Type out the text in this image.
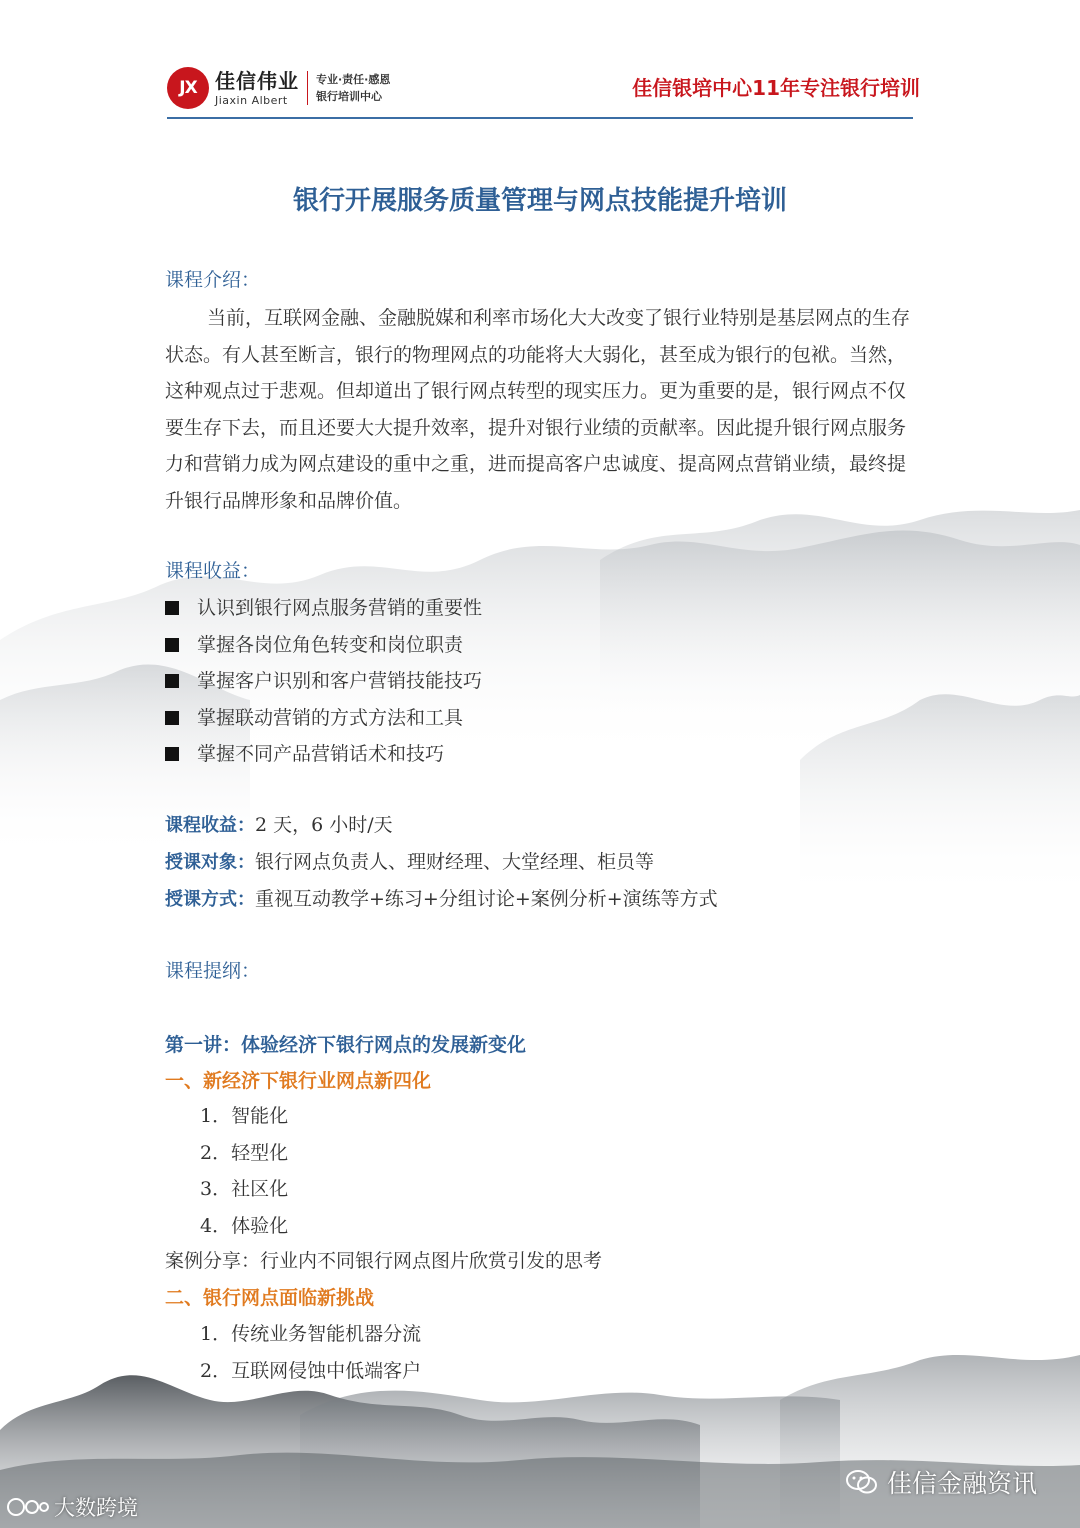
JX 佳信伟业
Jiaxin Albert
专业·责任·感恩
银行培训中心	佳信银培中心11年专注银行培训
银行开展服务质量管理与网点技能提升培训
课程介绍：

当前，互联网金融、金融脱媒和利率市场化大大改变了银行业特别是基层网点的生存状态。有人甚至断言，银行的物理网点的功能将大大弱化，甚至成为银行的包袱。当然，这种观点过于悲观。但却道出了银行网点转型的现实压力。更为重要的是，银行网点不仅要生存下去，而且还要大大提升效率，提升对银行业绩的贡献率。因此提升银行网点服务力和营销力成为网点建设的重中之重，进而提高客户忠诚度、提高网点营销业绩，最终提升银行品牌形象和品牌价值。

课程收益：
认识到银行网点服务营销的重要性
掌握各岗位角色转变和岗位职责
掌握客户识别和客户营销技能技巧
掌握联动营销的方式方法和工具
掌握不同产品营销话术和技巧
课程收益：2 天，6 小时/天
授课对象：银行网点负责人、理财经理、大堂经理、柜员等
授课方式：重视互动教学+练习+分组讨论+案例分析+演练等方式
课程提纲：
第一讲：体验经济下银行网点的发展新变化
一、新经济下银行业网点新四化
1．智能化
2．轻型化
3．社区化
4．体验化
案例分享：行业内不同银行网点图片欣赏引发的思考
二、银行网点面临新挑战
1．传统业务智能机器分流
2．互联网侵蚀中低端客户
佳信金融资讯
大数跨境
